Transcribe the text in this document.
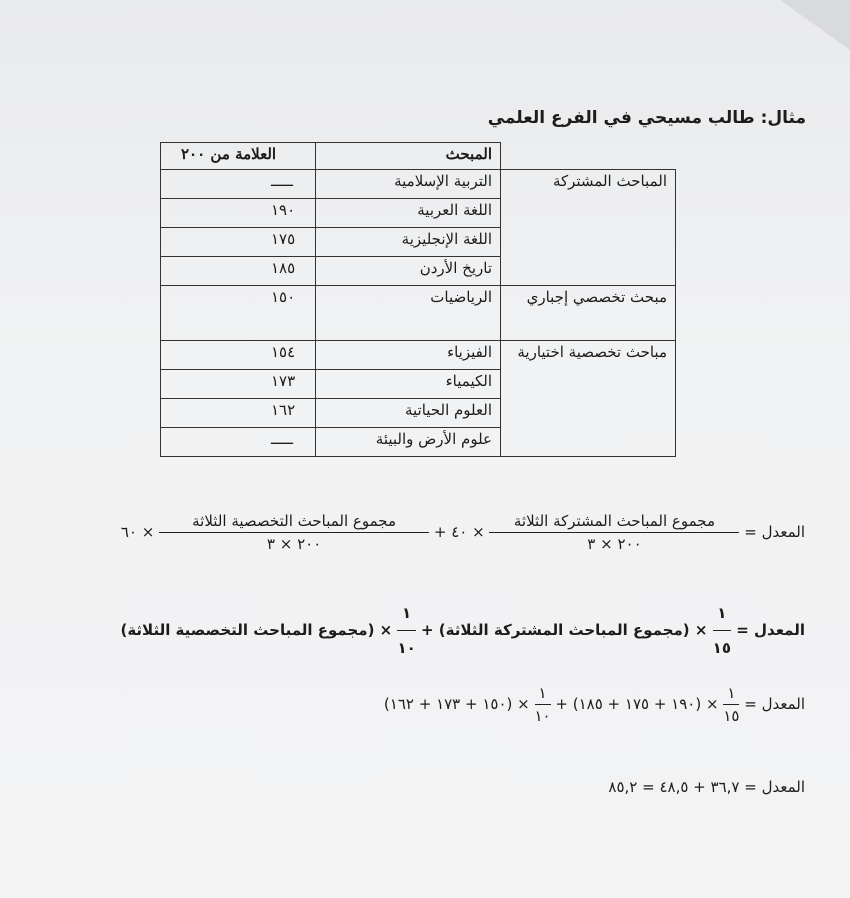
مثال: طالب مسيحي في الفرع العلمي
	المبحث	العلامة من ٢٠٠
المباحث المشتركة	التربية الإسلامية	ـــــ
	اللغة العربية	١٩٠
	اللغة الإنجليزية	١٧٥
	تاريخ الأردن	١٨٥
مبحث تخصصي إجباري	الرياضيات	١٥٠
مباحث تخصصية اختيارية	الفيزياء	١٥٤
	الكيمياء	١٧٣
	العلوم الحياتية	١٦٢
	علوم الأرض والبيئة	ـــــ
المعدل =
$\frac{\text{مجموع المباحث المشتركة الثلاثة}}{٢٠٠ \times ٣}$
× ٤٠ +
$\frac{\text{مجموع المباحث التخصصية الثلاثة}}{٢٠٠ \times ٣}$
× ٦٠
المعدل =
$\frac{١}{١٥}$
× (مجموع المباحث المشتركة الثلاثة) +
$\frac{١}{١٠}$
× (مجموع المباحث التخصصية الثلاثة)
المعدل =
$\frac{١}{١٥}$
× (١٩٠ + ١٧٥ + ١٨٥) +
$\frac{١}{١٠}$
× (١٥٠ + ١٧٣ + ١٦٢)
المعدل = ٣٦,٧ + ٤٨,٥ = ٨٥,٢
